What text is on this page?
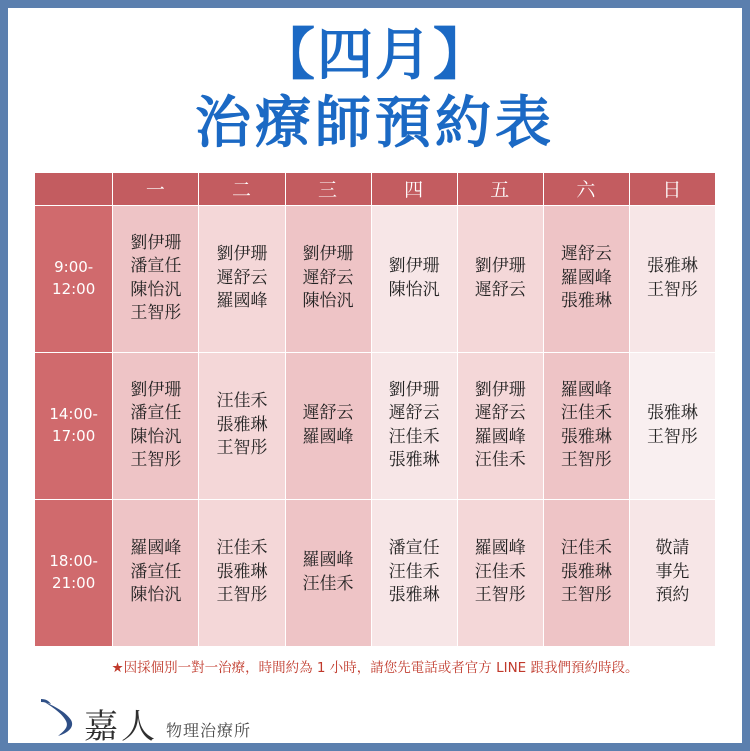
【四月】
治療師預約表
	一	二	三	四	五	六	日

9:00-
12:00	劉伊珊
潘宣任
陳怡汎
王智彤	劉伊珊
遲舒云
羅國峰	劉伊珊
遲舒云
陳怡汎	劉伊珊
陳怡汎	劉伊珊
遲舒云	遲舒云
羅國峰
張雅琳	張雅琳
王智彤

14:00-
17:00	劉伊珊
潘宣任
陳怡汎
王智彤	汪佳禾
張雅琳
王智彤	遲舒云
羅國峰	劉伊珊
遲舒云
汪佳禾
張雅琳	劉伊珊
遲舒云
羅國峰
汪佳禾	羅國峰
汪佳禾
張雅琳
王智彤	張雅琳
王智彤

18:00-
21:00	羅國峰
潘宣任
陳怡汎	汪佳禾
張雅琳
王智彤	羅國峰
汪佳禾	潘宣任
汪佳禾
張雅琳	羅國峰
汪佳禾
王智彤	汪佳禾
張雅琳
王智彤	敬請
事先
預約
★因採個別一對一治療，時間約為 1 小時，請您先電話或者官方 LINE 跟我們預約時段。
嘉人 物理治療所
